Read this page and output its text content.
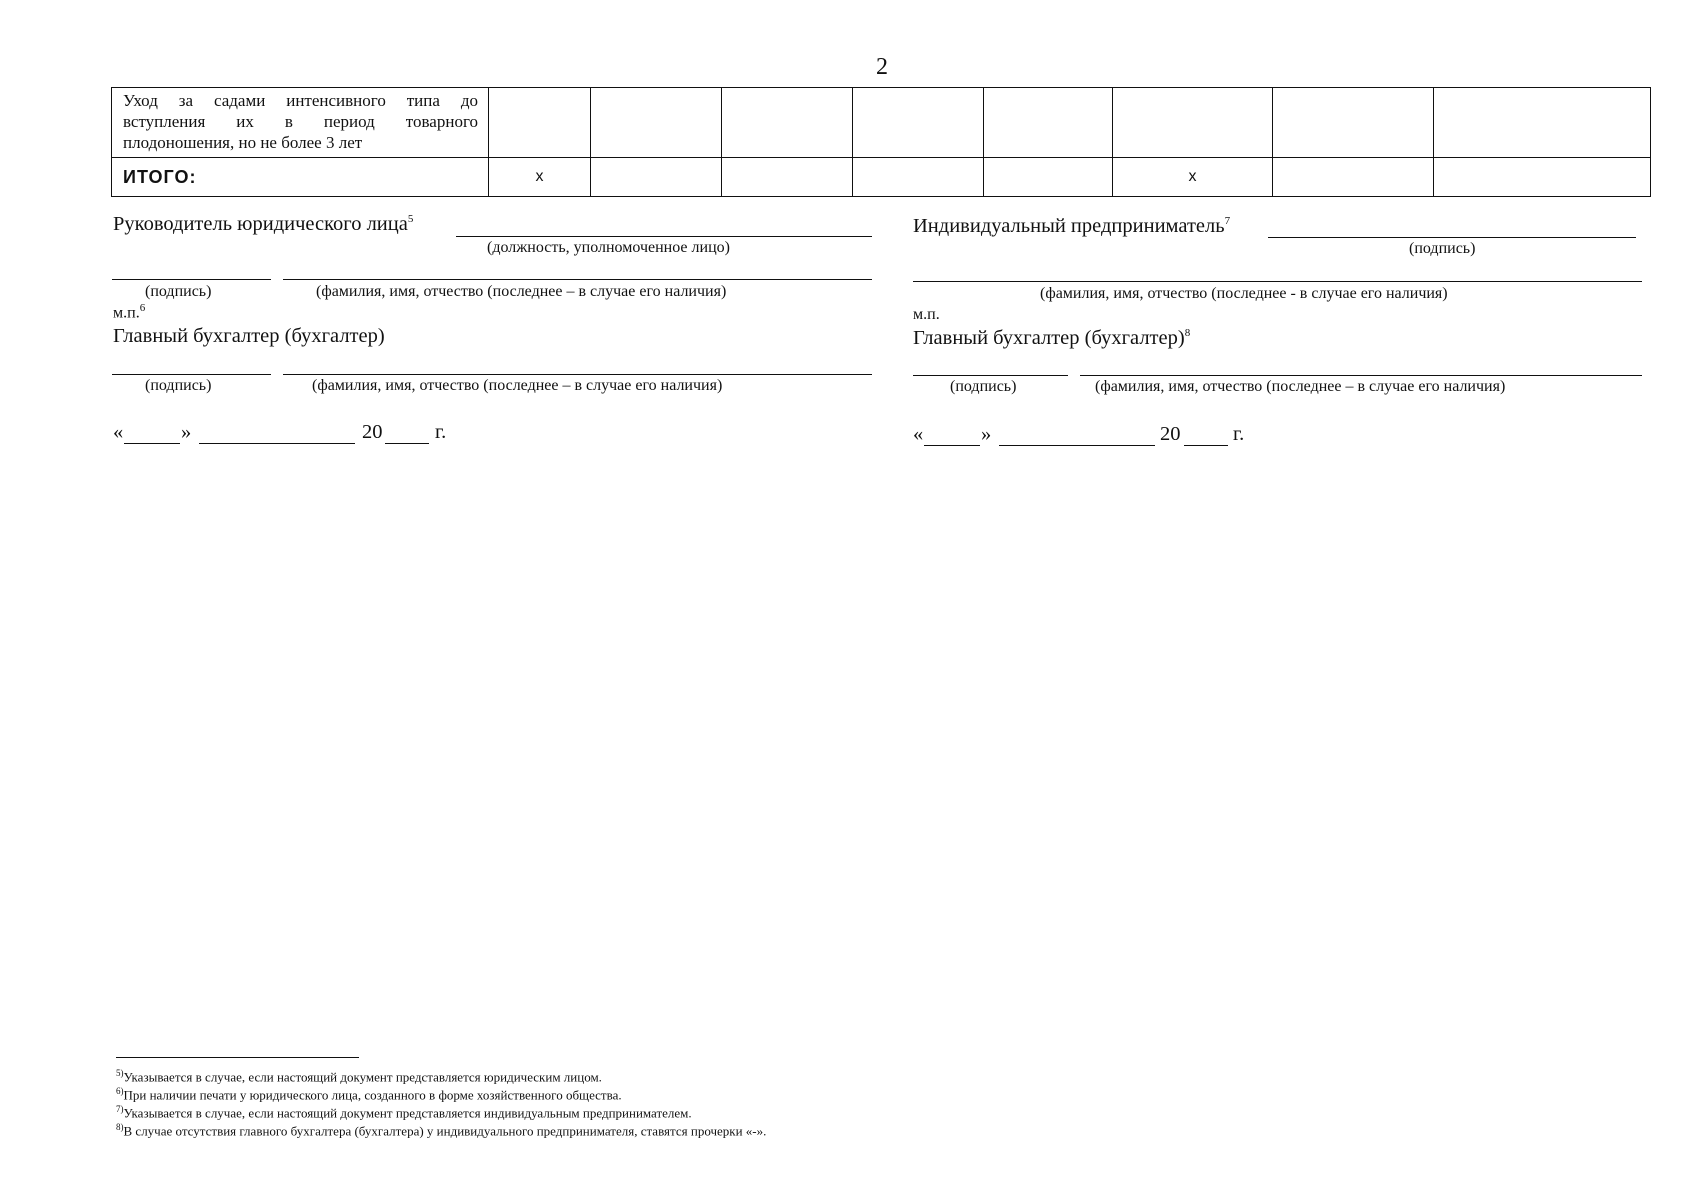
2
Уход за садами интенсивного типа до вступления их в период товарного плодоношения, но не более 3 лет								
ИТОГО:	х					х		
Руководитель юридического лица$^5$
(должность, уполномоченное лицо)
(подпись)	(фамилия, имя, отчество (последнее – в случае его наличия)
м.п.$^6$
Главный бухгалтер (бухгалтер)
(подпись)	(фамилия, имя, отчество (последнее – в случае его наличия)
«	»	20	г.
Индивидуальный предприниматель$^7$
(подпись)
(фамилия, имя, отчество (последнее - в случае его наличия)
м.п.
Главный бухгалтер (бухгалтер)$^8$
(подпись)	(фамилия, имя, отчество (последнее – в случае его наличия)
«	»	20	г.
$^{5)}$Указывается в случае, если настоящий документ представляется юридическим лицом.
$^{6)}$При наличии печати у юридического лица, созданного в форме хозяйственного общества.
$^{7)}$Указывается в случае, если настоящий документ представляется индивидуальным предпринимателем.
$^{8)}$В случае отсутствия главного бухгалтера (бухгалтера) у индивидуального предпринимателя, ставятся прочерки «-».
